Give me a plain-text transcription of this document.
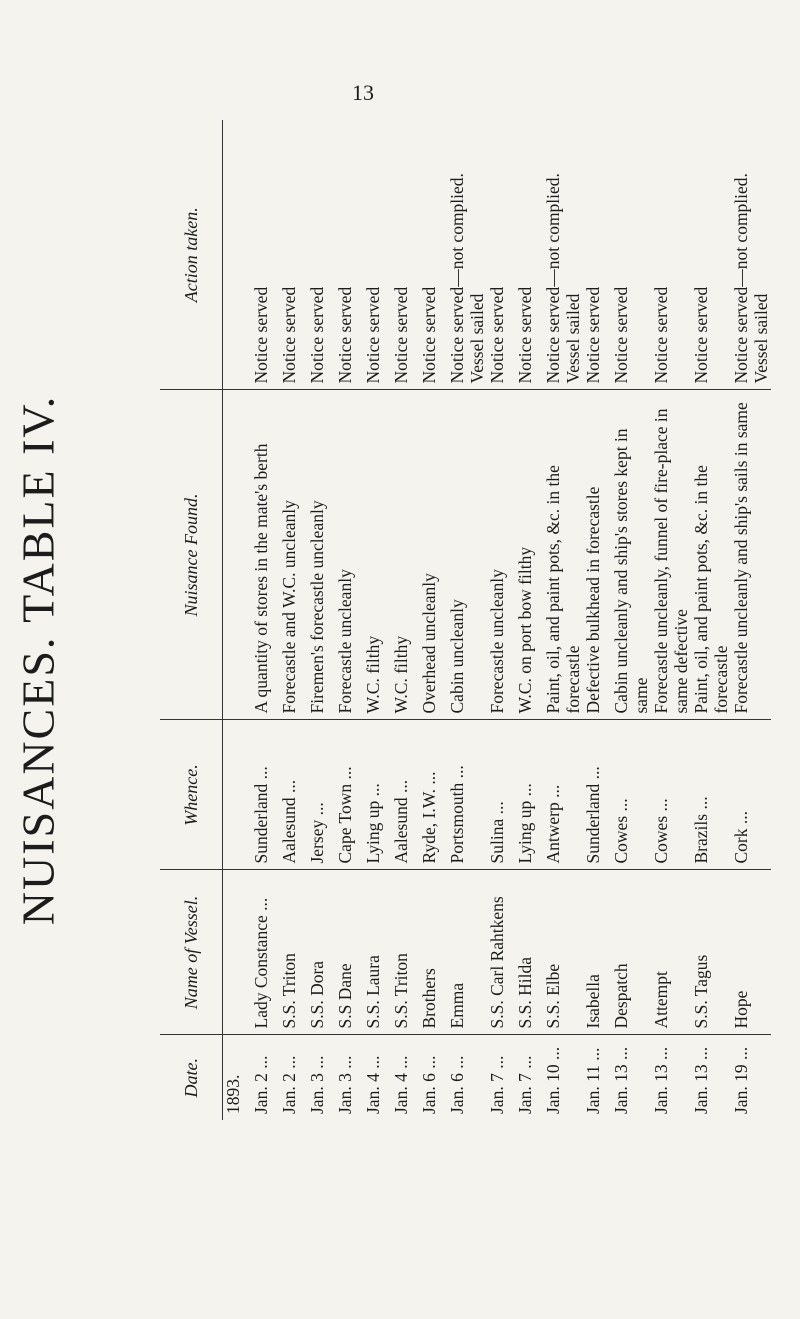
13
NUISANCES. TABLE IV.
Date.	Name of Vessel.	Whence.	Nuisance Found.	Action taken.
1893.				
Jan. 2 ...	Lady Constance ...	Sunderland ...	A quantity of stores in the mate's berth	Notice served
Jan. 2 ...	S.S. Triton	Aalesund ...	Forecastle and W.C. uncleanly	Notice served
Jan. 3 ...	S.S. Dora	Jersey ...	Firemen's forecastle uncleanly	Notice served
Jan. 3 ...	S.S Dane	Cape Town ...	Forecastle uncleanly	Notice served
Jan. 4 ...	S.S. Laura	Lying up ...	W.C. filthy	Notice served
Jan. 4 ...	S.S. Triton	Aalesund ...	W.C. filthy	Notice served
Jan. 6 ...	Brothers	Ryde, I.W. ...	Overhead uncleanly	Notice served
Jan. 6 ...	Emma	Portsmouth ...	Cabin uncleanly	Notice served—not complied. Vessel sailed
Jan. 7 ...	S.S. Carl Rahtkens	Sulina ...	Forecastle uncleanly	Notice served
Jan. 7 ...	S.S. Hilda	Lying up ...	W.C. on port bow filthy	Notice served
Jan. 10 ...	S.S. Elbe	Antwerp ...	Paint, oil, and paint pots, &c. in the forecastle	Notice served—not complied. Vessel sailed
Jan. 11 ...	Isabella	Sunderland ...	Defective bulkhead in forecastle	Notice served
Jan. 13 ...	Despatch	Cowes ...	Cabin uncleanly and ship's stores kept in same	Notice served
Jan. 13 ...	Attempt	Cowes ...	Forecastle uncleanly, funnel of fire-place in same defective	Notice served
Jan. 13 ...	S.S. Tagus	Brazils ...	Paint, oil, and paint pots, &c. in the forecastle	Notice served
Jan. 19 ...	Hope	Cork ...	Forecastle uncleanly and ship's sails in same	Notice served—not complied. Vessel sailed
